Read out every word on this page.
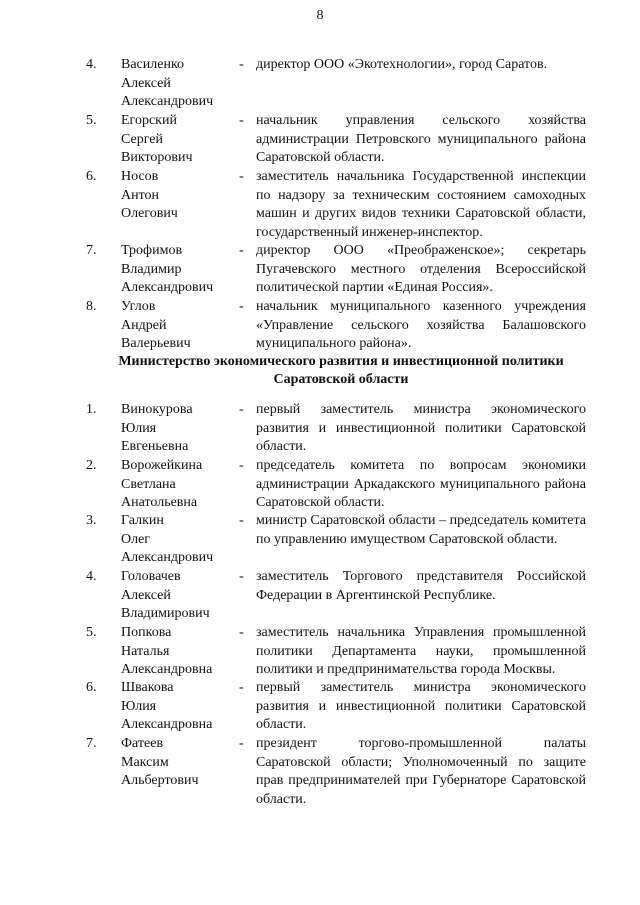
8
4.	Василенко
Алексей
Александрович
- директор ООО «Экотехнологии», город Саратов.
5.	Егорский
Сергей
Викторович
- начальник управления сельского хозяйства администрации Петровского муниципального района Саратовской области.
6.	Носов
Антон
Олегович
- заместитель начальника Государственной инспекции по надзору за техническим состоянием самоходных машин и других видов техники Саратовской области, государственный инженер-инспектор.
7.	Трофимов
Владимир
Александрович
- директор ООО «Преображенское»; секретарь Пугачевского местного отделения Всероссийской политической партии «Единая Россия».
8.	Углов
Андрей
Валерьевич
- начальник муниципального казенного учреждения «Управление сельского хозяйства Балашовского муниципального района».
Министерство экономического развития и инвестиционной политики
Саратовской области
1.	Винокурова
Юлия
Евгеньевна
- первый заместитель министра экономического развития и инвестиционной политики Саратовской области.
2.	Ворожейкина
Светлана
Анатольевна
- председатель комитета по вопросам экономики администрации Аркадакского муниципального района Саратовской области.
3.	Галкин
Олег
Александрович
- министр Саратовской области – председатель комитета по управлению имуществом Саратовской области.
4.	Головачев
Алексей
Владимирович
- заместитель Торгового представителя Российской Федерации в Аргентинской Республике.
5.	Попкова
Наталья
Александровна
- заместитель начальника Управления промышленной политики Департамента науки, промышленной политики и предпринимательства города Москвы.
6.	Швакова
Юлия
Александровна
- первый заместитель министра экономического развития и инвестиционной политики Саратовской области.
7.	Фатеев
Максим
Альбертович
- президент торгово-промышленной палаты Саратовской области; Уполномоченный по защите прав предпринимателей при Губернаторе Саратовской области.
